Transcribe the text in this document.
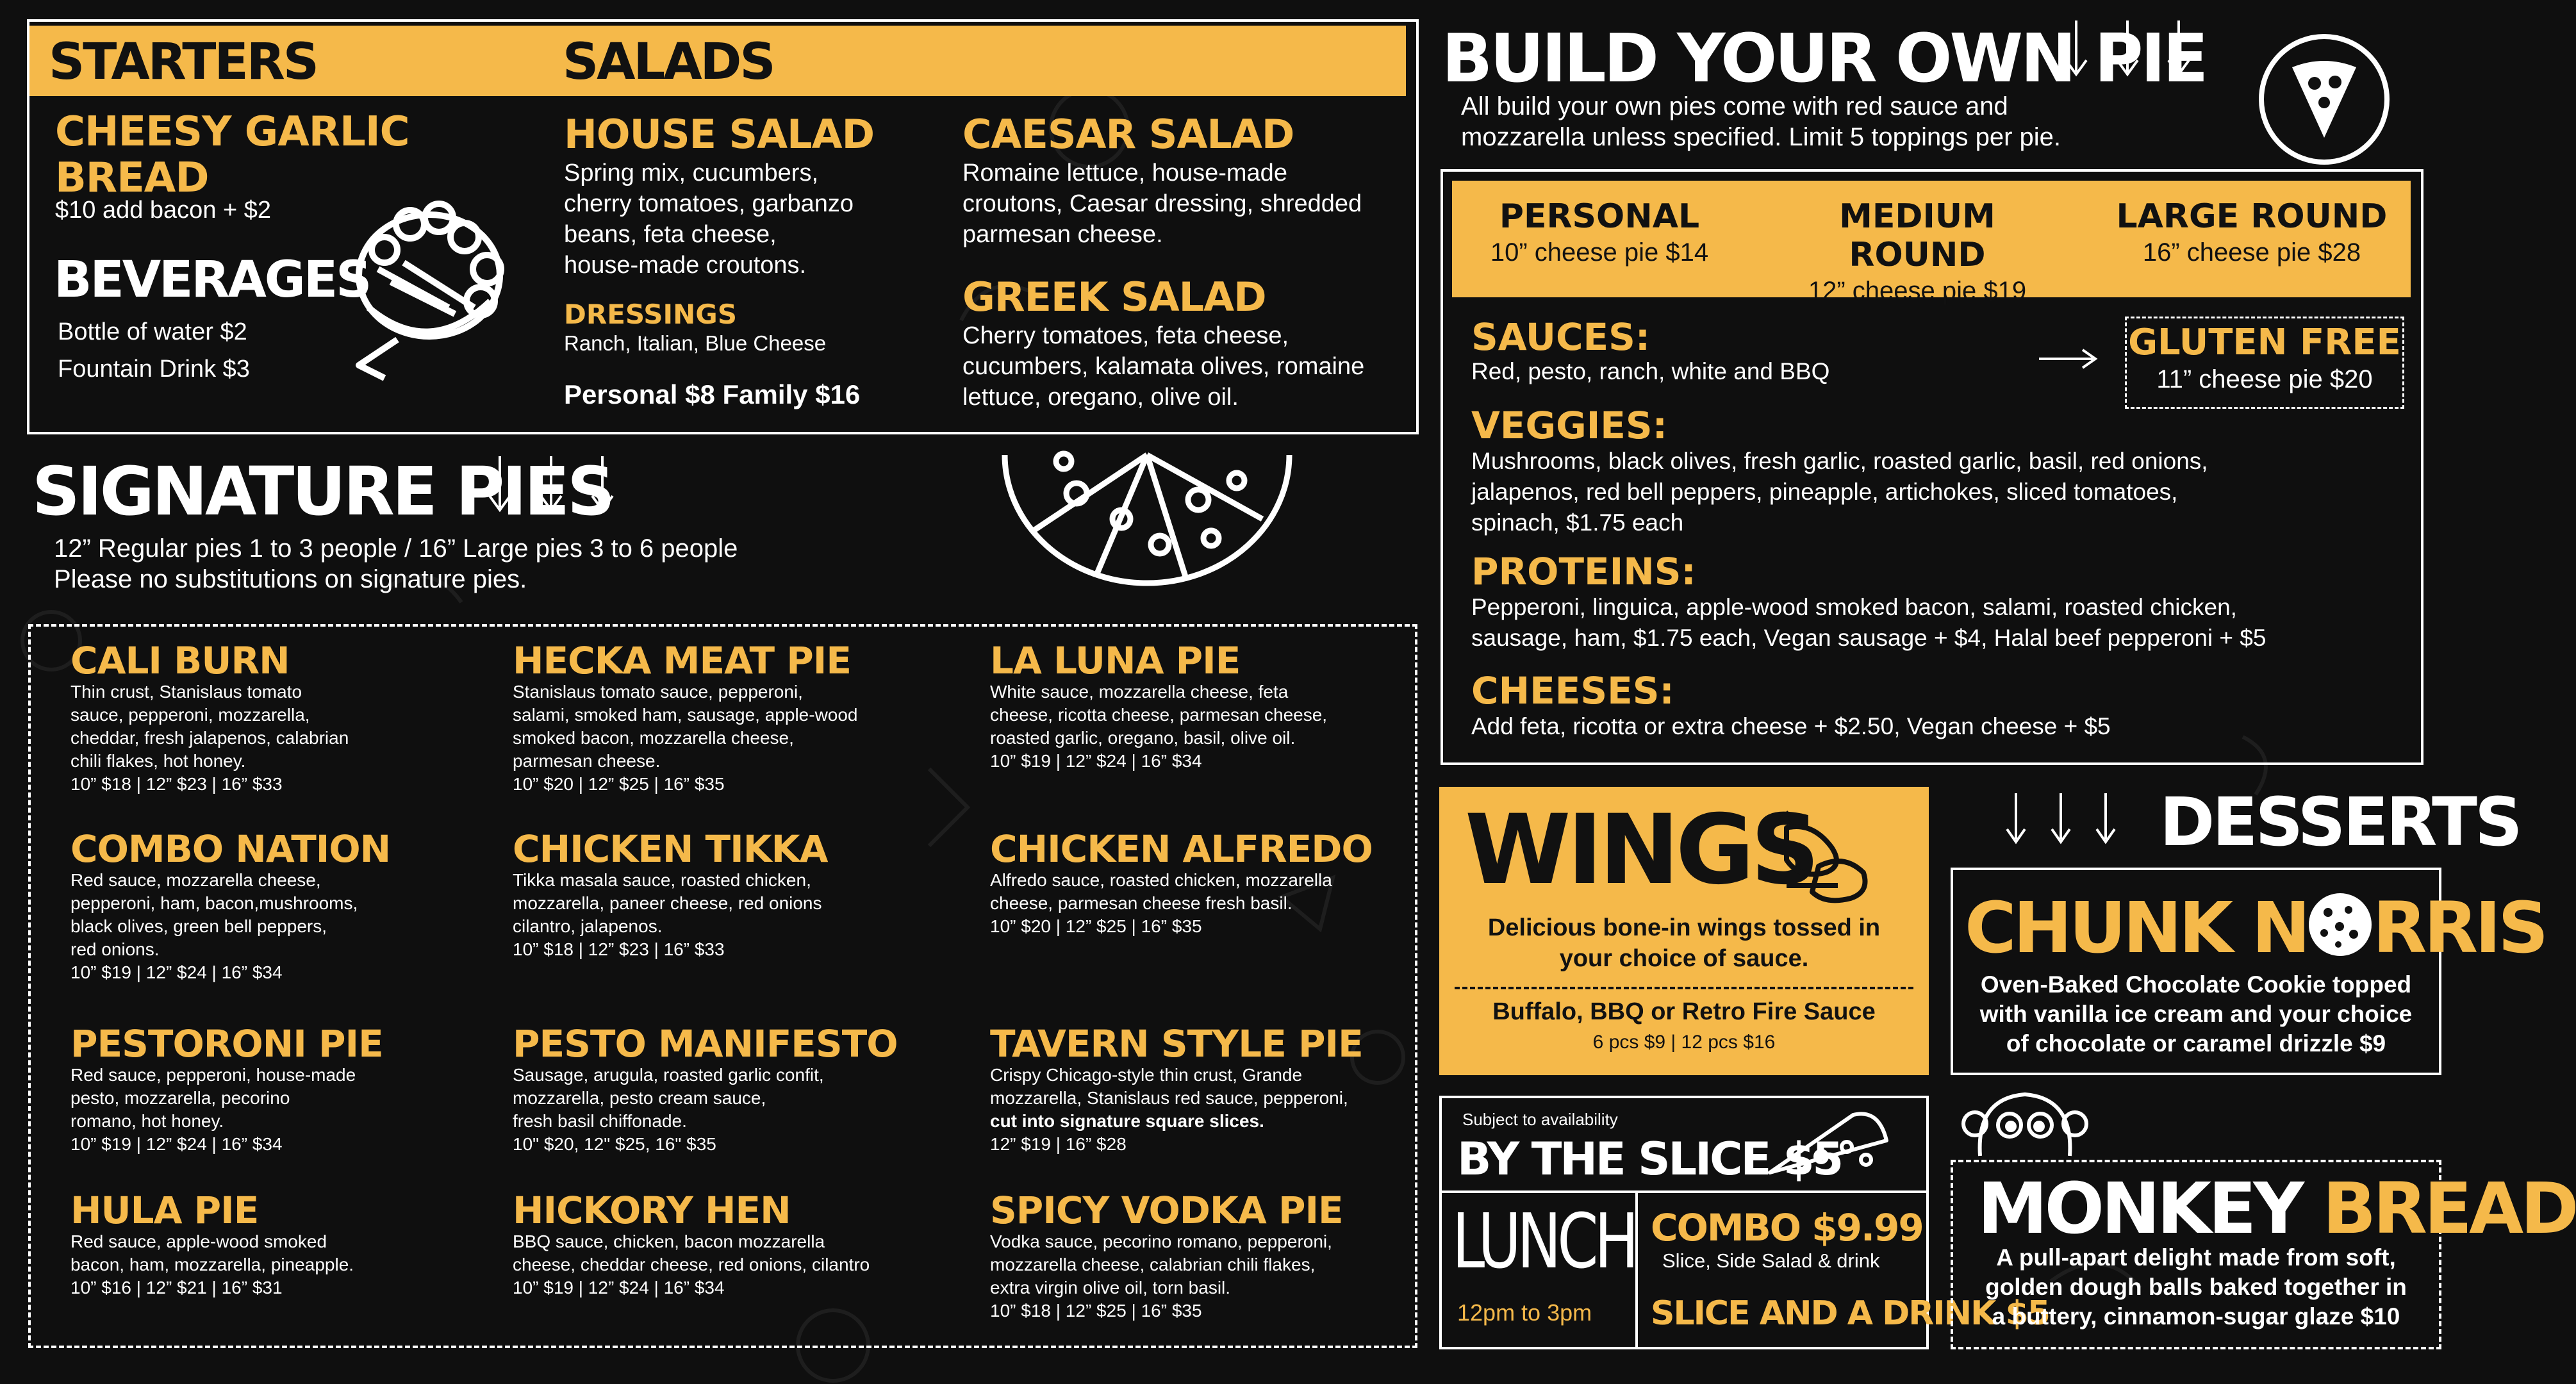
STARTERS	SALADS
CHEESY GARLIC
BREAD
$10 add bacon + $2
BEVERAGES
Bottle of water $2
Fountain Drink $3
HOUSE SALAD
Spring mix, cucumbers,
cherry tomatoes, garbanzo
beans, feta cheese,
house-made croutons.
DRESSINGS
Ranch, Italian, Blue Cheese
Personal $8 Family $16
CAESAR SALAD
Romaine lettuce, house-made
croutons, Caesar dressing, shredded
parmesan cheese.
GREEK SALAD
Cherry tomatoes, feta cheese,
cucumbers, kalamata olives, romaine
lettuce, oregano, olive oil.
SIGNATURE PIES
12” Regular pies 1 to 3 people / 16” Large pies 3 to 6 people
Please no substitutions on signature pies.
CALI BURN
Thin crust, Stanislaus tomato
sauce, pepperoni, mozzarella,
cheddar, fresh jalapenos, calabrian
chili flakes, hot honey.
10” $18 | 12” $23 | 16” $33
HECKA MEAT PIE
Stanislaus tomato sauce, pepperoni,
salami, smoked ham, sausage, apple-wood
smoked bacon, mozzarella cheese,
parmesan cheese.
10” $20 | 12” $25 | 16” $35
LA LUNA PIE
White sauce, mozzarella cheese, feta
cheese, ricotta cheese, parmesan cheese,
roasted garlic, oregano, basil, olive oil.
10” $19 | 12” $24 | 16” $34
COMBO NATION
Red sauce, mozzarella cheese,
pepperoni, ham, bacon,mushrooms,
black olives, green bell peppers,
red onions.
10” $19 | 12” $24 | 16” $34
CHICKEN TIKKA
Tikka masala sauce, roasted chicken,
mozzarella, paneer cheese, red onions
cilantro, jalapenos.
10” $18 | 12” $23 | 16” $33
CHICKEN ALFREDO
Alfredo sauce, roasted chicken, mozzarella
cheese, parmesan cheese fresh basil.
10” $20 | 12” $25 | 16” $35
PESTORONI PIE
Red sauce, pepperoni, house-made
pesto, mozzarella, pecorino
romano, hot honey.
10” $19 | 12” $24 | 16” $34
PESTO MANIFESTO
Sausage, arugula, roasted garlic confit,
mozzarella, pesto cream sauce,
fresh basil chiffonade.
10" $20, 12" $25, 16" $35
TAVERN STYLE PIE
Crispy Chicago-style thin crust, Grande
mozzarella, Stanislaus red sauce, pepperoni,
cut into signature square slices.
12” $19 | 16” $28
HULA PIE
Red sauce, apple-wood smoked
bacon, ham, mozzarella, pineapple.
10” $16 | 12” $21 | 16” $31
HICKORY HEN
BBQ sauce, chicken, bacon mozzarella
cheese, cheddar cheese, red onions, cilantro
10” $19 | 12” $24 | 16” $34
SPICY VODKA PIE
Vodka sauce, pecorino romano, pepperoni,
mozzarella cheese, calabrian chili flakes,
extra virgin olive oil, torn basil.
10” $18 | 12” $25 | 16” $35
BUILD YOUR OWN PIE
All build your own pies come with red sauce and
mozzarella unless specified. Limit 5 toppings per pie.
PERSONAL
10” cheese pie $14
MEDIUM ROUND
12” cheese pie $19
LARGE ROUND
16” cheese pie $28
SAUCES:
Red, pesto, ranch, white and BBQ
GLUTEN FREE
11” cheese pie $20
VEGGIES:
Mushrooms, black olives, fresh garlic, roasted garlic, basil, red onions,
jalapenos, red bell peppers, pineapple, artichokes, sliced tomatoes,
spinach, $1.75 each
PROTEINS:
Pepperoni, linguica, apple-wood smoked bacon, salami, roasted chicken,
sausage, ham, $1.75 each, Vegan sausage + $4, Halal beef pepperoni + $5
CHEESES:
Add feta, ricotta or extra cheese + $2.50, Vegan cheese + $5
WINGS
Delicious bone-in wings tossed in
your choice of sauce.
Buffalo, BBQ or Retro Fire Sauce
6 pcs $9 | 12 pcs $16
Subject to availability
BY THE SLICE $5
LUNCH
12pm to 3pm
COMBO $9.99
Slice, Side Salad & drink
SLICE AND A DRINK $5
DESSERTS
CHUNK N RRIS
Oven-Baked Chocolate Cookie topped
with vanilla ice cream and your choice
of chocolate or caramel drizzle $9
MONKEY BREAD
A pull-apart delight made from soft,
golden dough balls baked together in
a buttery, cinnamon-sugar glaze $10
